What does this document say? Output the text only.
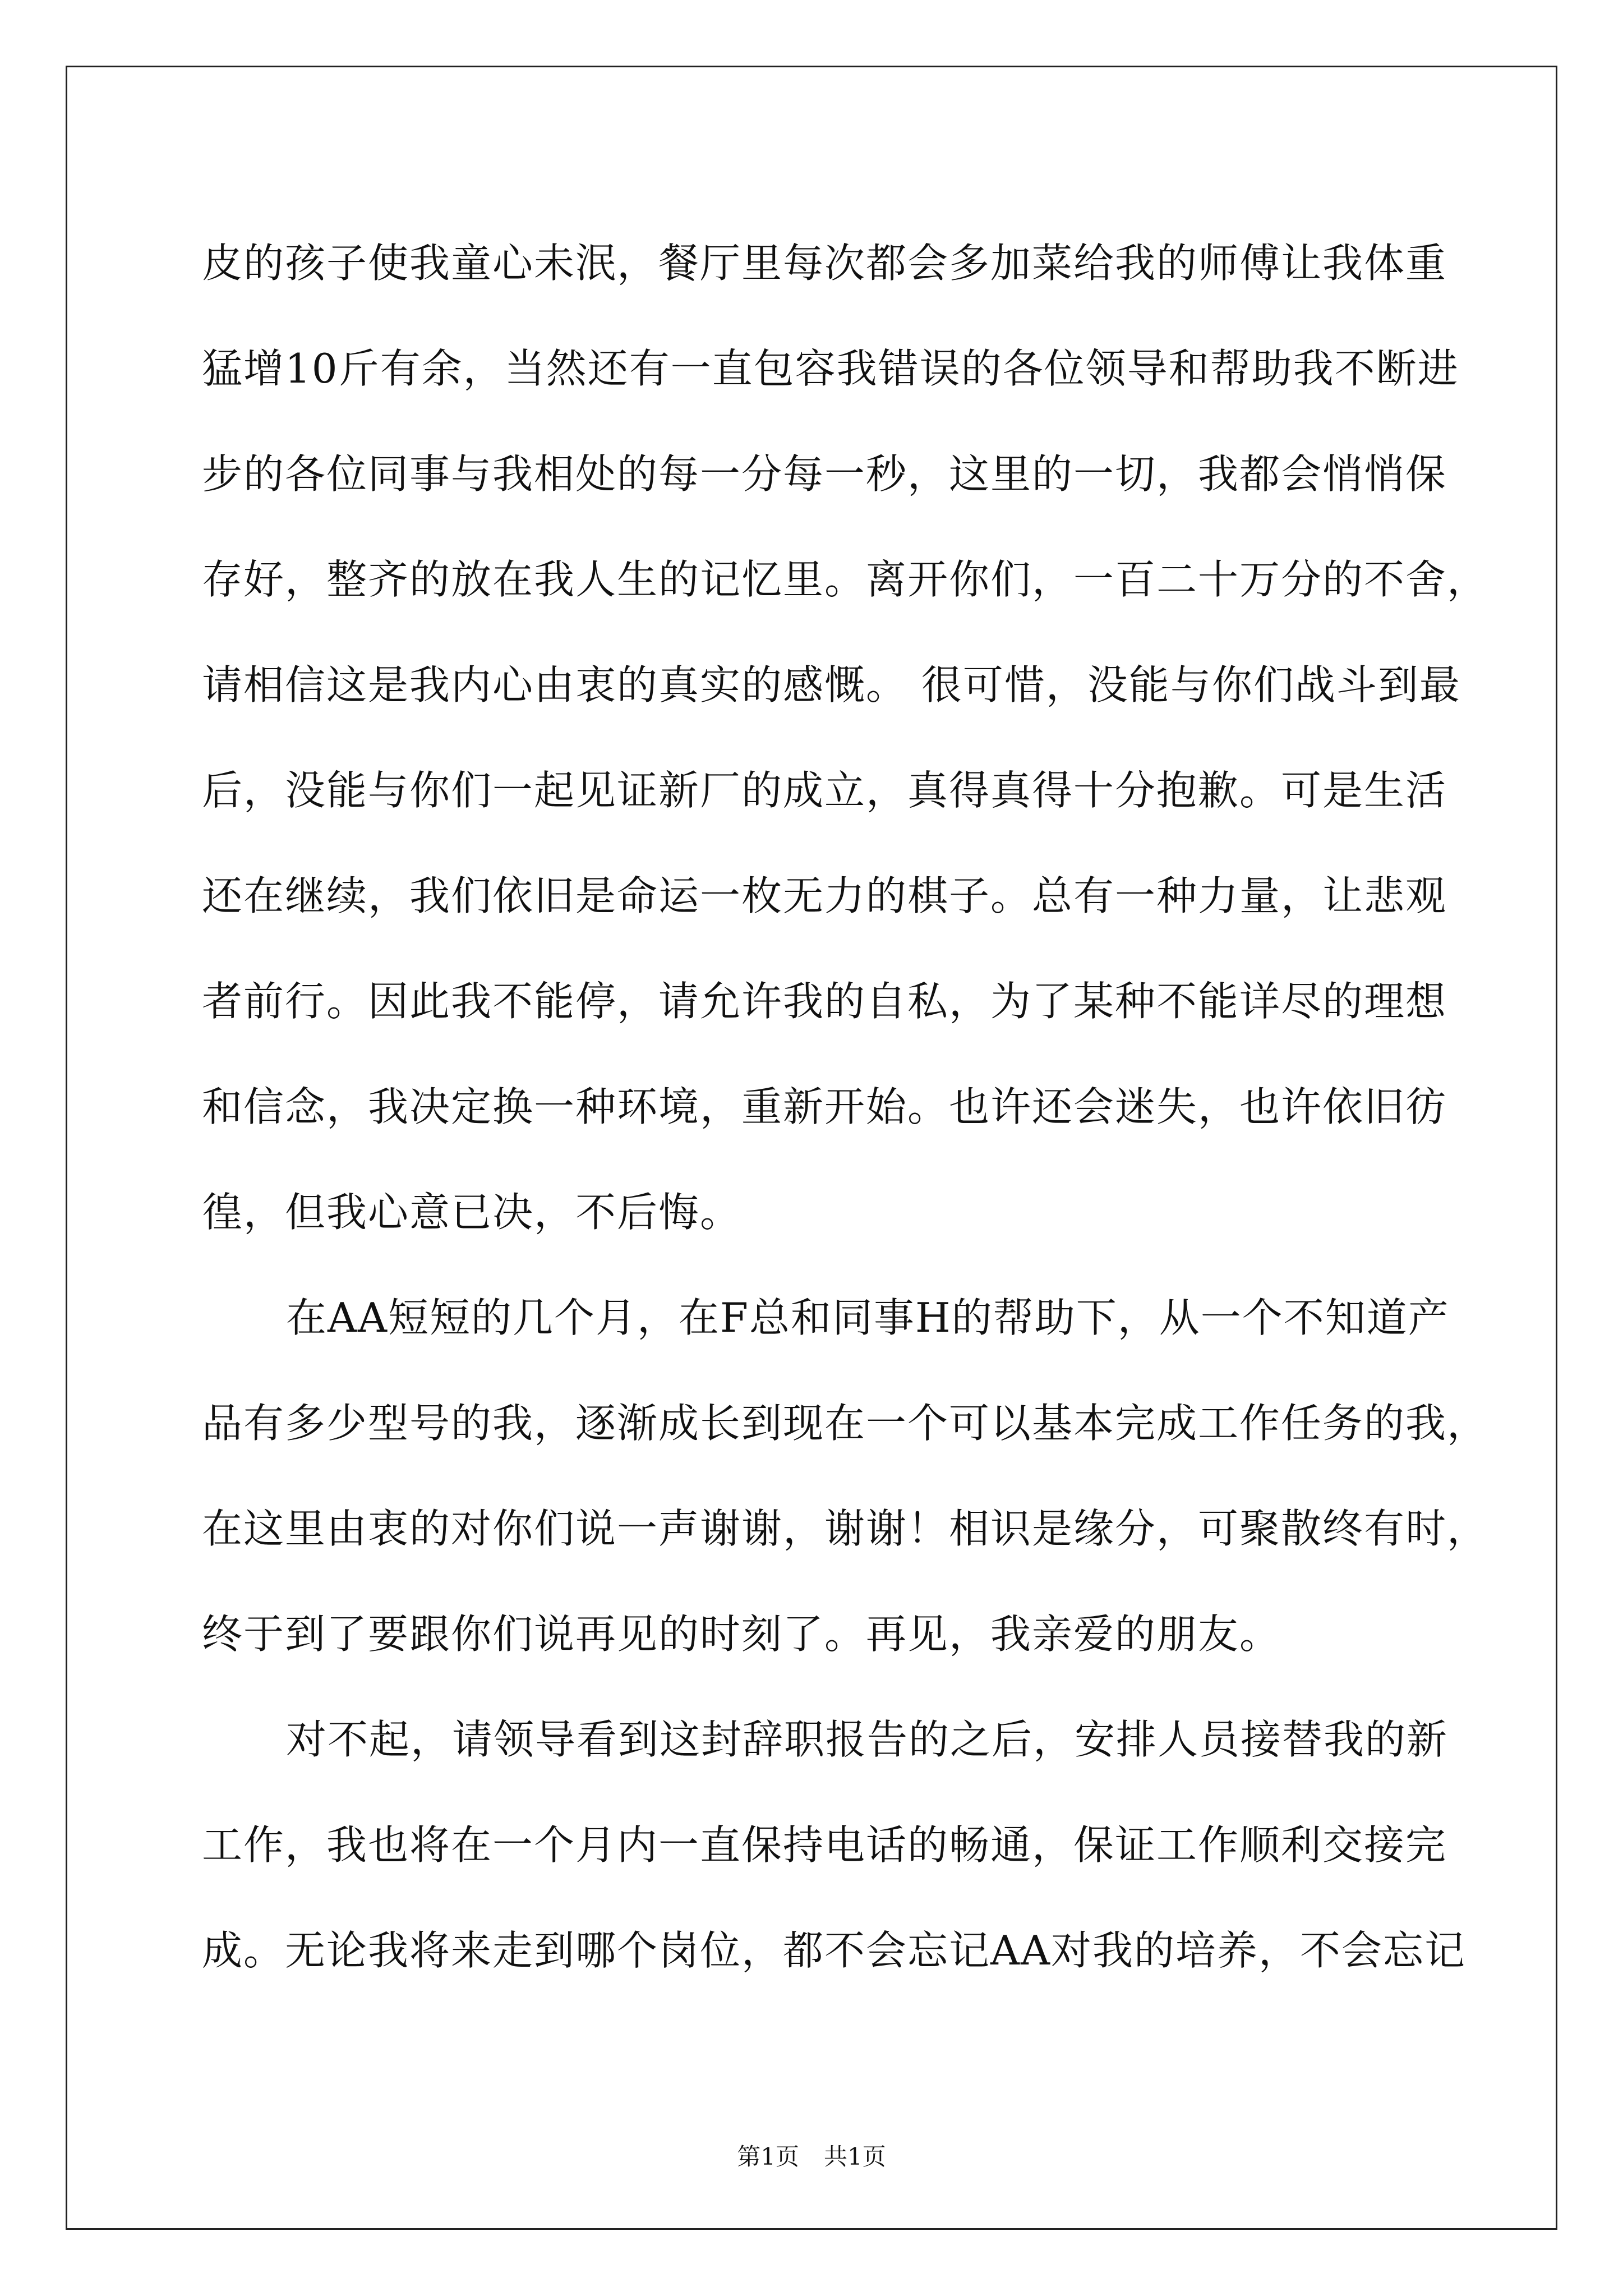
皮的孩子使我童心未泯，餐厅里每次都会多加菜给我的师傅让我体重
猛增10斤有余，当然还有一直包容我错误的各位领导和帮助我不断进
步的各位同事与我相处的每一分每一秒，这里的一切，我都会悄悄保
存好，整齐的放在我人生的记忆里。离开你们，一百二十万分的不舍，
请相信这是我内心由衷的真实的感慨。 很可惜，没能与你们战斗到最
后，没能与你们一起见证新厂的成立，真得真得十分抱歉。可是生活
还在继续，我们依旧是命运一枚无力的棋子。总有一种力量，让悲观
者前行。因此我不能停，请允许我的自私，为了某种不能详尽的理想
和信念，我决定换一种环境，重新开始。也许还会迷失，也许依旧彷
徨，但我心意已决，不后悔。
在AA短短的几个月，在F总和同事H的帮助下，从一个不知道产
品有多少型号的我，逐渐成长到现在一个可以基本完成工作任务的我，
在这里由衷的对你们说一声谢谢，谢谢！相识是缘分，可聚散终有时，
终于到了要跟你们说再见的时刻了。再见，我亲爱的朋友。
对不起，请领导看到这封辞职报告的之后，安排人员接替我的新
工作，我也将在一个月内一直保持电话的畅通，保证工作顺利交接完
成。无论我将来走到哪个岗位，都不会忘记AA对我的培养，不会忘记
第1页 共1页
